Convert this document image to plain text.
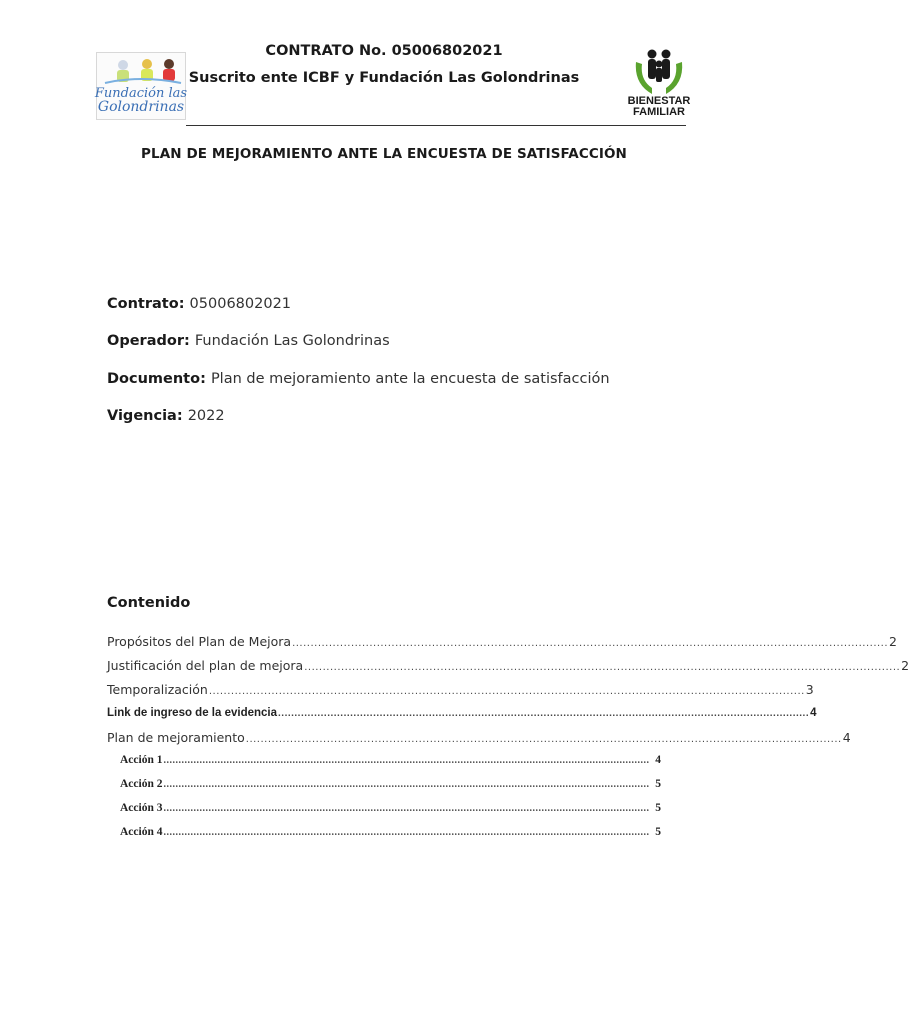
Fundación las
Golondrinas
CONTRATO No. 05006802021
Suscrito ente ICBF y Fundación Las Golondrinas
BIENESTAR
FAMILIAR
PLAN DE MEJORAMIENTO ANTE LA ENCUESTA DE SATISFACCIÓN
Contrato: 05006802021
Operador: Fundación Las Golondrinas
Documento: Plan de mejoramiento ante la encuesta de satisfacción
Vigencia: 2022
Contenido
Propósitos del Plan de Mejora .................................................................................................................................................................. 2
Justificación del plan de mejora .................................................................................................................................................................. 2
Temporalización .................................................................................................................................................................. 3
Link de ingreso de la evidencia .................................................................................................................................................................. 4
Plan de mejoramiento .................................................................................................................................................................. 4
Acción 1 .................................................................................................................................................................. 4
Acción 2 .................................................................................................................................................................. 5
Acción 3 .................................................................................................................................................................. 5
Acción 4 .................................................................................................................................................................. 5
